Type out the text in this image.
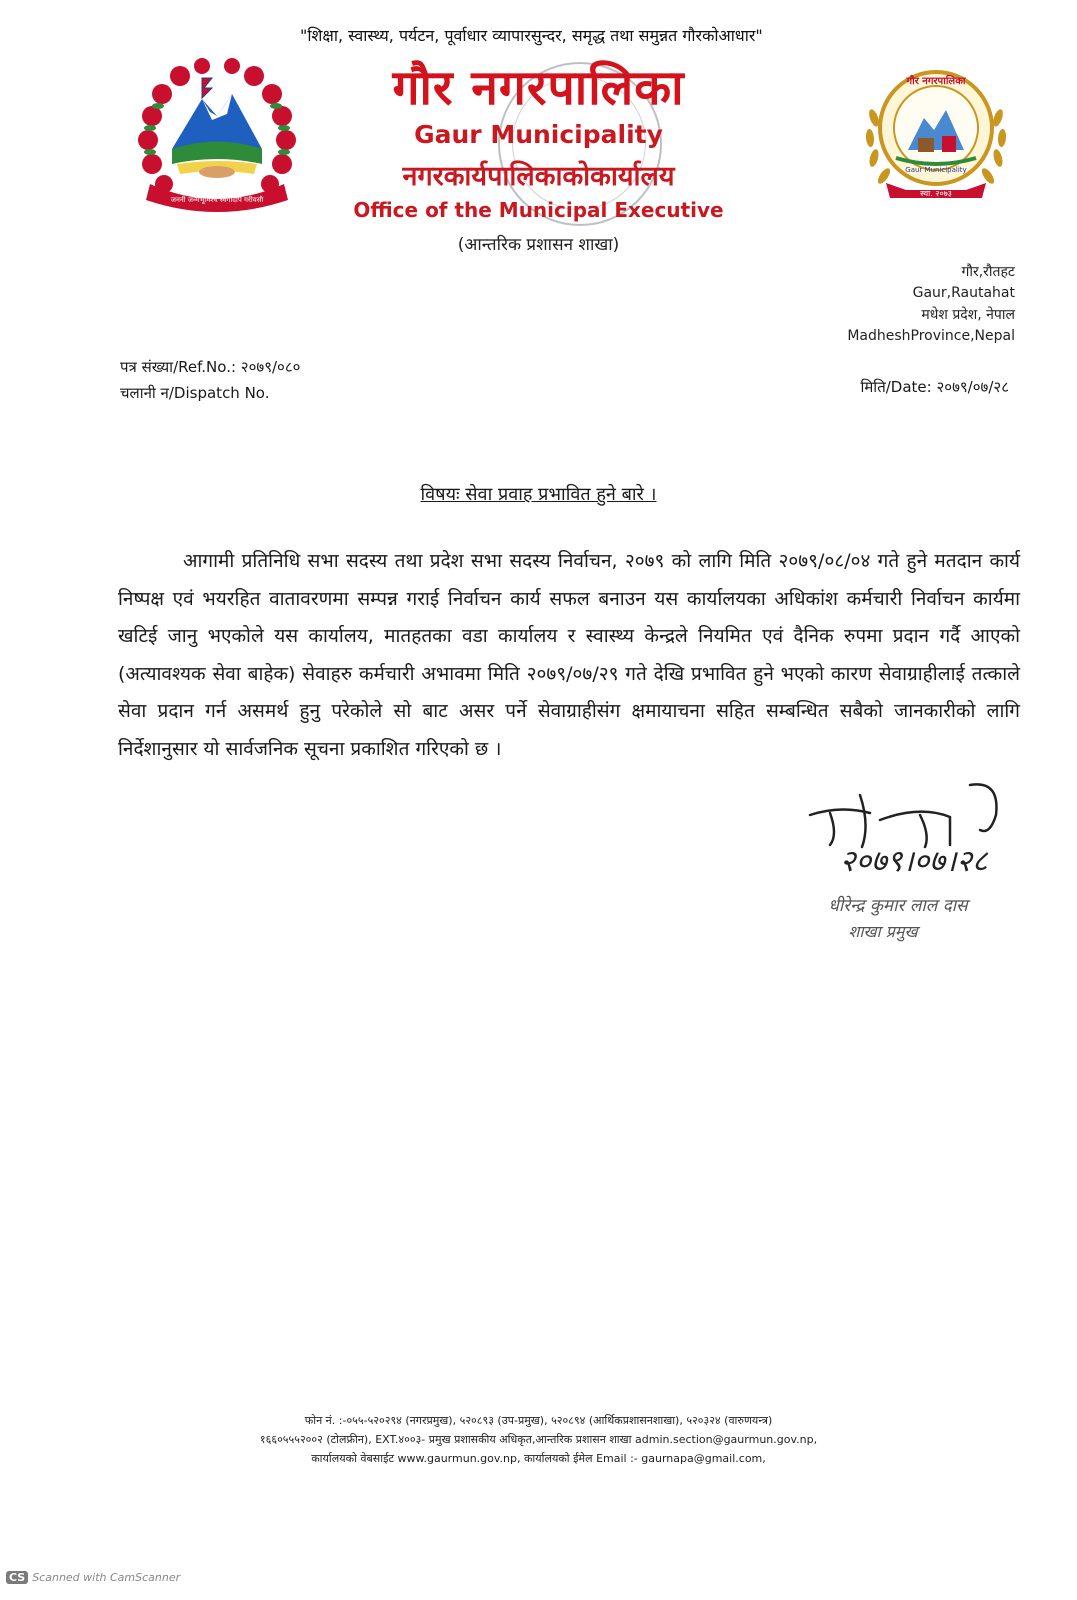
"शिक्षा, स्वास्थ्य, पर्यटन, पूर्वाधार व्यापारसुन्दर, समृद्ध तथा समुन्नत गौरकोआधार"
जननी जन्मभूमिश्च स्वर्गादपि गरीयसी
गौर नगरपालिका
Gaur Municipality
स्था. २०७३
गौर नगरपालिका
Gaur Municipality
नगरकार्यपालिकाकोकार्यालय
Office of the Municipal Executive
(आन्तरिक प्रशासन शाखा)
गौर,रौतहट
Gaur,Rautahat
मधेश प्रदेश, नेपाल
MadheshProvince,Nepal
पत्र संख्या/Ref.No.: २०७९/०८०
चलानी न/Dispatch No.	मिति/Date: २०७९/०७/२८
विषयः सेवा प्रवाह प्रभावित हुने बारे ।
आगामी प्रतिनिधि सभा सदस्य तथा प्रदेश सभा सदस्य निर्वाचन, २०७९ को लागि मिति २०७९/०८/०४ गते हुने मतदान कार्य निष्पक्ष एवं भयरहित वातावरणमा सम्पन्न गराई निर्वाचन कार्य सफल बनाउन यस कार्यालयका अधिकांश कर्मचारी निर्वाचन कार्यमा खटिई जानु भएकोले यस कार्यालय, मातहतका वडा कार्यालय र स्वास्थ्य केन्द्रले नियमित एवं दैनिक रुपमा प्रदान गर्दै आएको (अत्यावश्यक सेवा बाहेक) सेवाहरु कर्मचारी अभावमा मिति २०७९/०७/२९ गते देखि प्रभावित हुने भएको कारण सेवाग्राहीलाई तत्काले सेवा प्रदान गर्न असमर्थ हुनु परेकोले सो बाट असर पर्ने सेवाग्राहीसंग क्षमायाचना सहित सम्बन्धित सबैको जानकारीको लागि निर्देशानुसार यो सार्वजनिक सूचना प्रकाशित गरिएको छ ।
२०७९।०७।२८
धीरेन्द्र कुमार लाल दास
शाखा प्रमुख
फोन नं. :-०५५-५२०२९४ (नगरप्रमुख), ५२०८९३ (उप-प्रमुख), ५२०८९४ (आर्थिकप्रशासनशाखा), ५२०३२४ (वारुणयन्त्र)
१६६०५५५२००२ (टोलफ्रीन), EXT.४००३- प्रमुख प्रशासकीय अधिकृत,आन्तरिक प्रशासन शाखा admin.section@gaurmun.gov.np,
कार्यालयको वेबसाईट www.gaurmun.gov.np, कार्यालयको ईमेल Email :- gaurnapa@gmail.com,
CS Scanned with CamScanner
